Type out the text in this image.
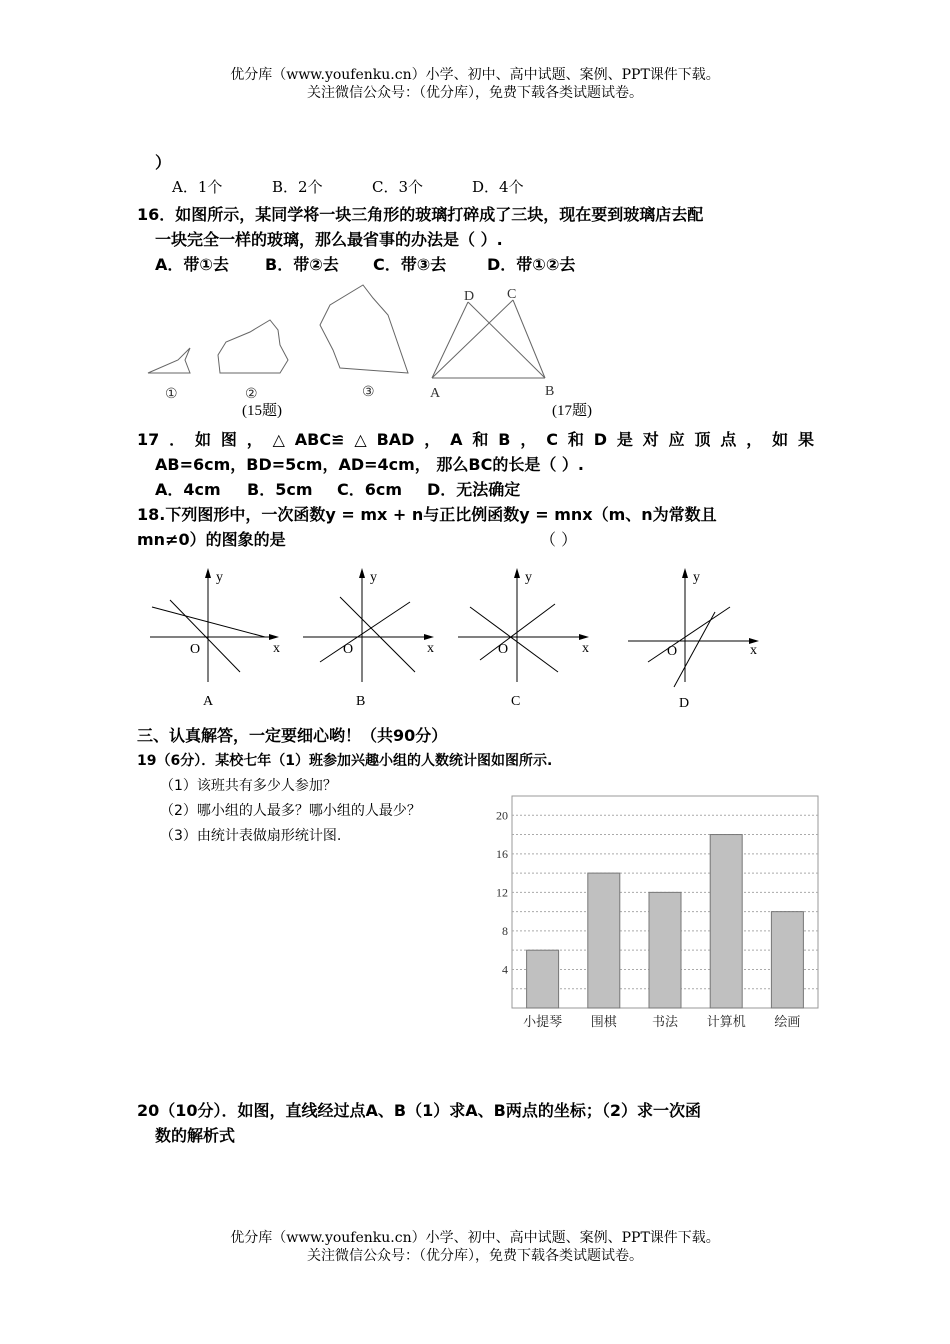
优分库（www.youfenku.cn）小学、初中、高中试题、案例、PPT课件下载。
关注微信公众号：（优分库），免费下载各类试题试卷。
）
A．1个	B．2个	C．3个	D．4个
16．如图所示，某同学将一块三角形的玻璃打碎成了三块，现在要到玻璃店去配
一块完全一样的玻璃，那么最省事的办法是（ ）.
A．带①去 B．带②去 C．带③去	D．带①②去
①	②	③
D C
A	B
(15题)	(17题)
17．如图，△ABC≌△BAD，A和B，C和D是对应顶点，如果
AB=6cm，BD=5cm，AD=4cm， 那么BC的长是（ ）.
A．4cm B．5cm C．6cm D．无法确定
18.下列图形中，一次函数y = mx + n与正比例函数y = mnx（m、n为常数且
mn≠0）的图象的是	（ ）
y
x
O
A
y
x
O
B
y
x
O
C
y
x
O
D
三、认真解答，一定要细心哟！（共90分）
19（6分）．某校七年（1）班参加兴趣小组的人数统计图如图所示.
（1）该班共有多少人参加？
（2）哪小组的人最多？哪小组的人最少？
（3）由统计表做扇形统计图.
4
8
12
16
20
小提琴 围棋	书法 计算机 绘画
20（10分）．如图，直线经过点A、B（1）求A、B两点的坐标；（2）求一次函
数的解析式
优分库（www.youfenku.cn）小学、初中、高中试题、案例、PPT课件下载。
关注微信公众号：（优分库），免费下载各类试题试卷。
